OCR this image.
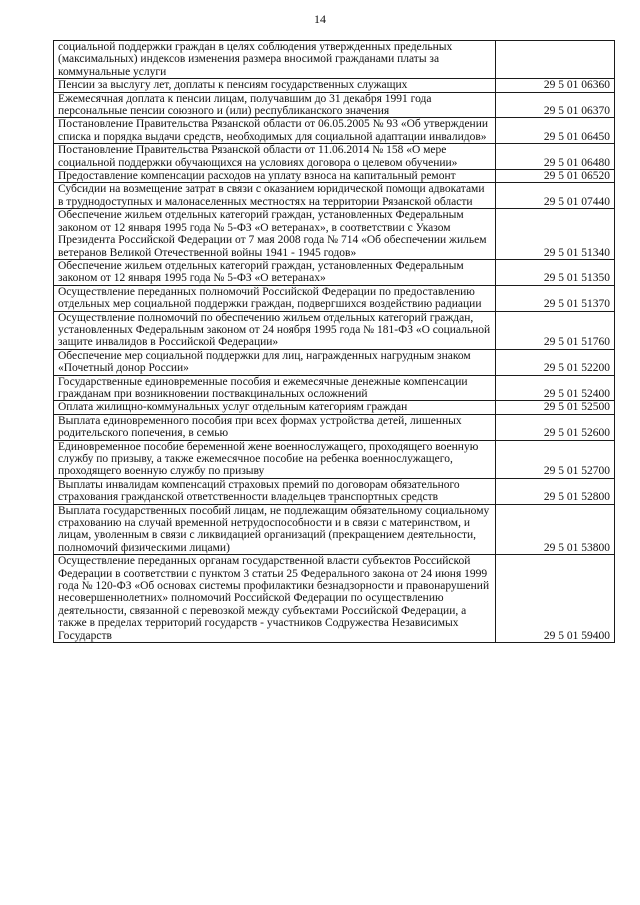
14
социальной поддержки граждан в целях соблюдения утвержденных предельных (максимальных) индексов изменения размера вносимой гражданами платы за коммунальные услуги	
Пенсии за выслугу лет, доплаты к пенсиям государственных служащих	29 5 01 06360
Ежемесячная доплата к пенсии лицам, получавшим до 31 декабря 1991 года персональные пенсии союзного и (или) республиканского значения	29 5 01 06370
Постановление Правительства Рязанской области от 06.05.2005 № 93 «Об утверждении списка и порядка выдачи средств, необходимых для социальной адаптации инвалидов»	29 5 01 06450
Постановление Правительства Рязанской области от 11.06.2014 № 158 «О мере социальной поддержки обучающихся на условиях договора о целевом обучении»	29 5 01 06480
Предоставление компенсации расходов на уплату взноса на капитальный ремонт	29 5 01 06520
Субсидии на возмещение затрат в связи с оказанием юридической помощи адвокатами в труднодоступных и малонаселенных местностях на территории Рязанской области	29 5 01 07440
Обеспечение жильем отдельных категорий граждан, установленных Федеральным законом от 12 января 1995 года № 5-ФЗ «О ветеранах», в соответствии с Указом Президента Российской Федерации от 7 мая 2008 года № 714 «Об обеспечении жильем ветеранов Великой Отечественной войны 1941 - 1945 годов»	29 5 01 51340
Обеспечение жильем отдельных категорий граждан, установленных Федеральным законом от 12 января 1995 года № 5-ФЗ «О ветеранах»	29 5 01 51350
Осуществление переданных полномочий Российской Федерации по предоставлению отдельных мер социальной поддержки граждан, подвергшихся воздействию радиации	29 5 01 51370
Осуществление полномочий по обеспечению жильем отдельных категорий граждан, установленных Федеральным законом от 24 ноября 1995 года № 181-ФЗ «О социальной защите инвалидов в Российской Федерации»	29 5 01 51760
Обеспечение мер социальной поддержки для лиц, награжденных нагрудным знаком «Почетный донор России»	29 5 01 52200
Государственные единовременные пособия и ежемесячные денежные компенсации гражданам при возникновении поствакцинальных осложнений	29 5 01 52400
Оплата жилищно-коммунальных услуг отдельным категориям граждан	29 5 01 52500
Выплата единовременного пособия при всех формах устройства детей, лишенных родительского попечения, в семью	29 5 01 52600
Единовременное пособие беременной жене военнослужащего, проходящего военную службу по призыву, а также ежемесячное пособие на ребенка военнослужащего, проходящего военную службу по призыву	29 5 01 52700
Выплаты инвалидам компенсаций страховых премий по договорам обязательного страхования гражданской ответственности владельцев транспортных средств	29 5 01 52800
Выплата государственных пособий лицам, не подлежащим обязательному социальному страхованию на случай временной нетрудоспособности и в связи с материнством, и лицам, уволенным в связи с ликвидацией организаций (прекращением деятельности, полномочий физическими лицами)	29 5 01 53800
Осуществление переданных органам государственной власти субъектов Российской Федерации в соответствии с пунктом 3 статьи 25 Федерального закона от 24 июня 1999 года № 120-ФЗ «Об основах системы профилактики безнадзорности и правонарушений несовершеннолетних» полномочий Российской Федерации по осуществлению деятельности, связанной с перевозкой между субъектами Российской Федерации, а также в пределах территорий государств - участников Содружества Независимых Государств	29 5 01 59400
